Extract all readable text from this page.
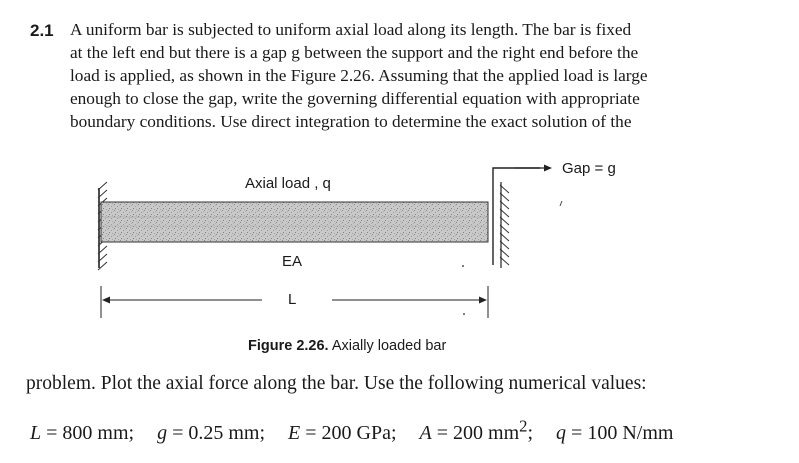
2.1 A uniform bar is subjected to uniform axial load along its length. The bar is fixed
at the left end but there is a gap g between the support and the right end before the
load is applied, as shown in the Figure 2.26. Assuming that the applied load is large
enough to close the gap, write the governing differential equation with appropriate
boundary conditions. Use direct integration to determine the exact solution of the
Axial load , q
EA
L
Gap = g
Figure 2.26. Axially loaded bar
problem. Plot the axial force along the bar. Use the following numerical values:
L = 800 mm; g = 0.25 mm; E = 200 GPa; A = 200 $mm^2$; q = 100 N/mm
